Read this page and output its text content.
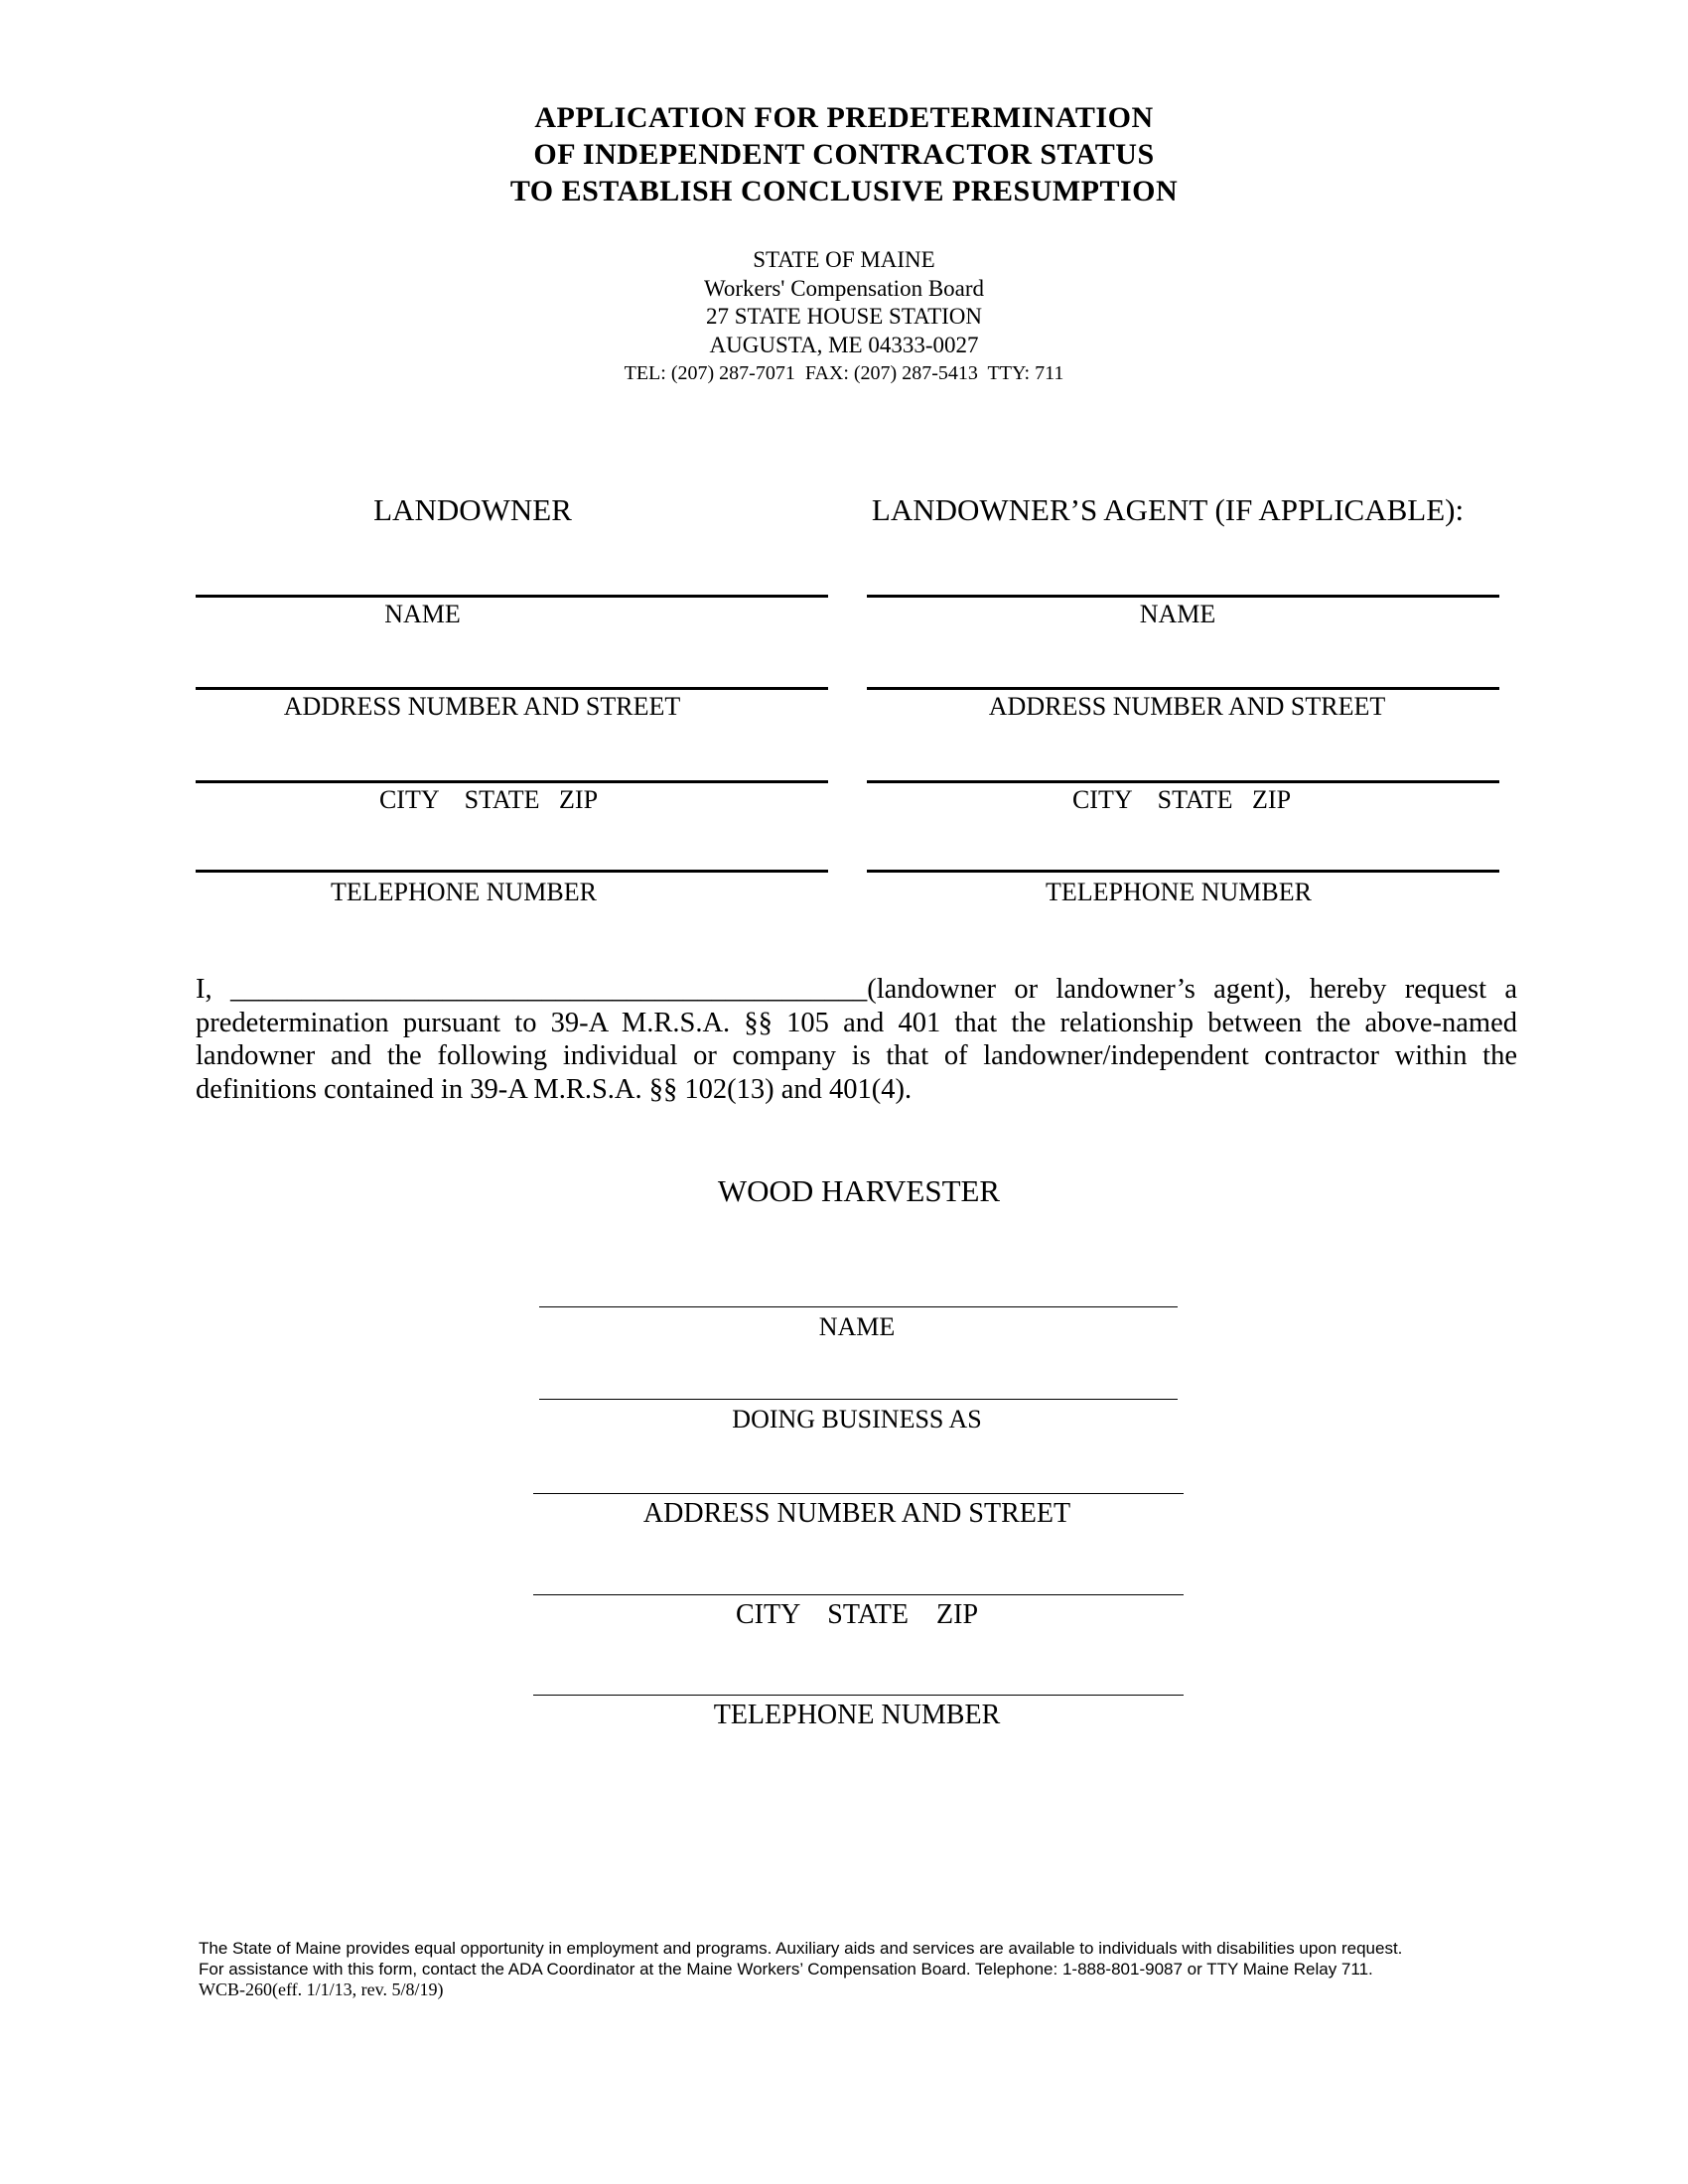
APPLICATION FOR PREDETERMINATION
OF INDEPENDENT CONTRACTOR STATUS
TO ESTABLISH CONCLUSIVE PRESUMPTION
STATE OF MAINE
Workers' Compensation Board
27 STATE HOUSE STATION
AUGUSTA, ME 04333-0027
TEL: (207) 287-7071  FAX: (207) 287-5413  TTY: 711
LANDOWNER	LANDOWNER’S AGENT (IF APPLICABLE):
NAME
ADDRESS NUMBER AND STREET
CITY    STATE   ZIP
TELEPHONE NUMBER
NAME
ADDRESS NUMBER AND STREET
CITY    STATE   ZIP
TELEPHONE NUMBER
I, _____________________________________________(landowner or landowner’s agent), hereby request a predetermination pursuant to 39-A M.R.S.A. §§ 105 and 401 that the relationship between the above-named landowner and the following individual or company is that of landowner/independent contractor within the definitions contained in 39-A M.R.S.A. §§ 102(13) and 401(4).
WOOD HARVESTER
NAME
DOING BUSINESS AS
ADDRESS NUMBER AND STREET
CITY    STATE    ZIP
TELEPHONE NUMBER
The State of Maine provides equal opportunity in employment and programs. Auxiliary aids and services are available to individuals with disabilities upon request.
For assistance with this form, contact the ADA Coordinator at the Maine Workers’ Compensation Board. Telephone: 1-888-801-9087 or TTY Maine Relay 711.
WCB-260(eff. 1/1/13, rev. 5/8/19)
